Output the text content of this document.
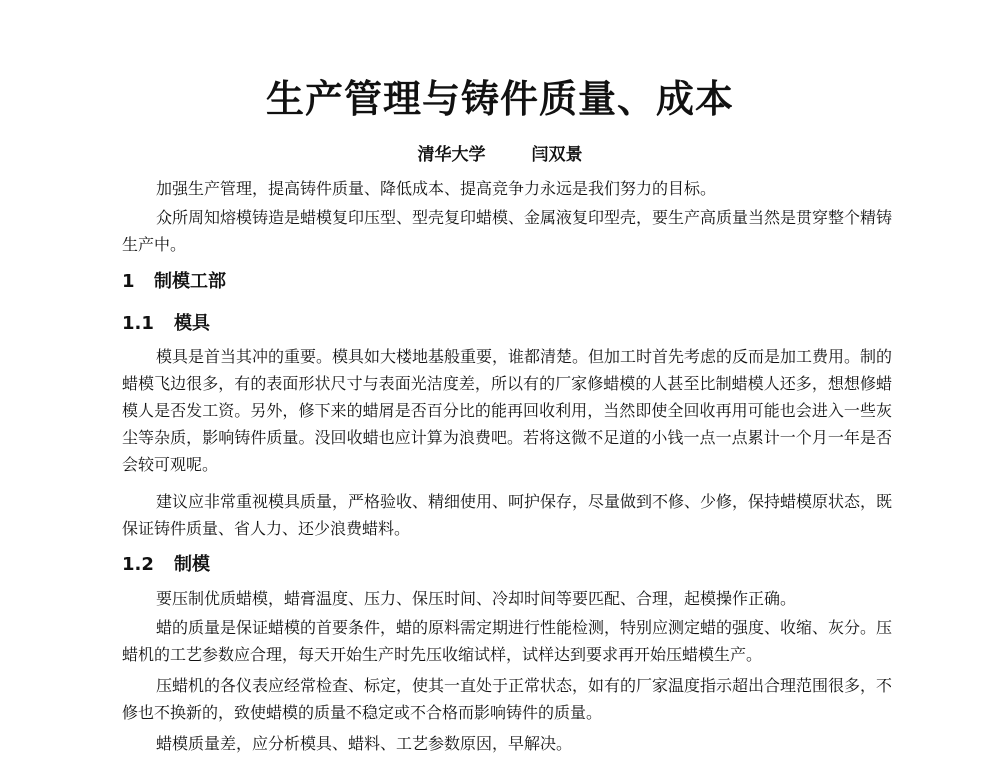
生产管理与铸件质量、成本
清华大学	闫双景
加强生产管理，提高铸件质量、降低成本、提高竞争力永远是我们努力的目标。
众所周知熔模铸造是蜡模复印压型、型壳复印蜡模、金属液复印型壳，要生产高质量当然是贯穿整个精铸生产中。
1 制模工部
1.1 模具
模具是首当其冲的重要。模具如大楼地基般重要，谁都清楚。但加工时首先考虑的反而是加工费用。制的蜡模飞边很多，有的表面形状尺寸与表面光洁度差，所以有的厂家修蜡模的人甚至比制蜡模人还多，想想修蜡模人是否发工资。另外，修下来的蜡屑是否百分比的能再回收利用，当然即使全回收再用可能也会进入一些灰尘等杂质，影响铸件质量。没回收蜡也应计算为浪费吧。若将这微不足道的小钱一点一点累计一个月一年是否会较可观呢。
建议应非常重视模具质量，严格验收、精细使用、呵护保存，尽量做到不修、少修，保持蜡模原状态，既保证铸件质量、省人力、还少浪费蜡料。
1.2 制模
要压制优质蜡模，蜡膏温度、压力、保压时间、冷却时间等要匹配、合理，起模操作正确。
蜡的质量是保证蜡模的首要条件，蜡的原料需定期进行性能检测，特别应测定蜡的强度、收缩、灰分。压蜡机的工艺参数应合理，每天开始生产时先压收缩试样，试样达到要求再开始压蜡模生产。
压蜡机的各仪表应经常检查、标定，使其一直处于正常状态，如有的厂家温度指示超出合理范围很多，不修也不换新的，致使蜡模的质量不稳定或不合格而影响铸件的质量。
蜡模质量差，应分析模具、蜡料、工艺参数原因，早解决。
